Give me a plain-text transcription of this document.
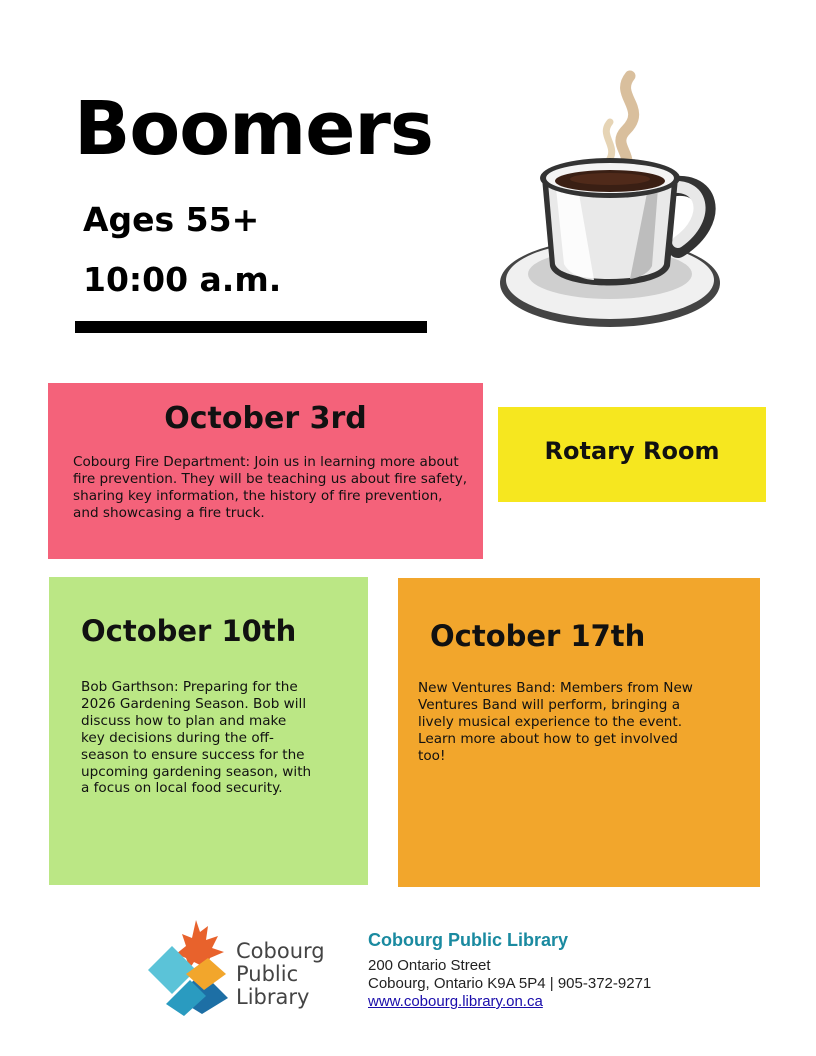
Boomers
Ages 55+
10:00 a.m.
October 3rd
Cobourg Fire Department: Join us in learning more about fire prevention. They will be teaching us about fire safety, sharing key information, the history of fire prevention, and showcasing a fire truck.
Rotary Room
October 10th
Bob Garthson: Preparing for the 2026 Gardening Season. Bob will discuss how to plan and make key decisions during the off-season to ensure success for the upcoming gardening season, with a focus on local food security.
October 17th
New Ventures Band: Members from New Ventures Band will perform, bringing a lively musical experience to the event. Learn more about how to get involved too!
Cobourg
Public
Library
Cobourg Public Library
200 Ontario Street
Cobourg, Ontario K9A 5P4 | 905-372-9271
www.cobourg.library.on.ca
